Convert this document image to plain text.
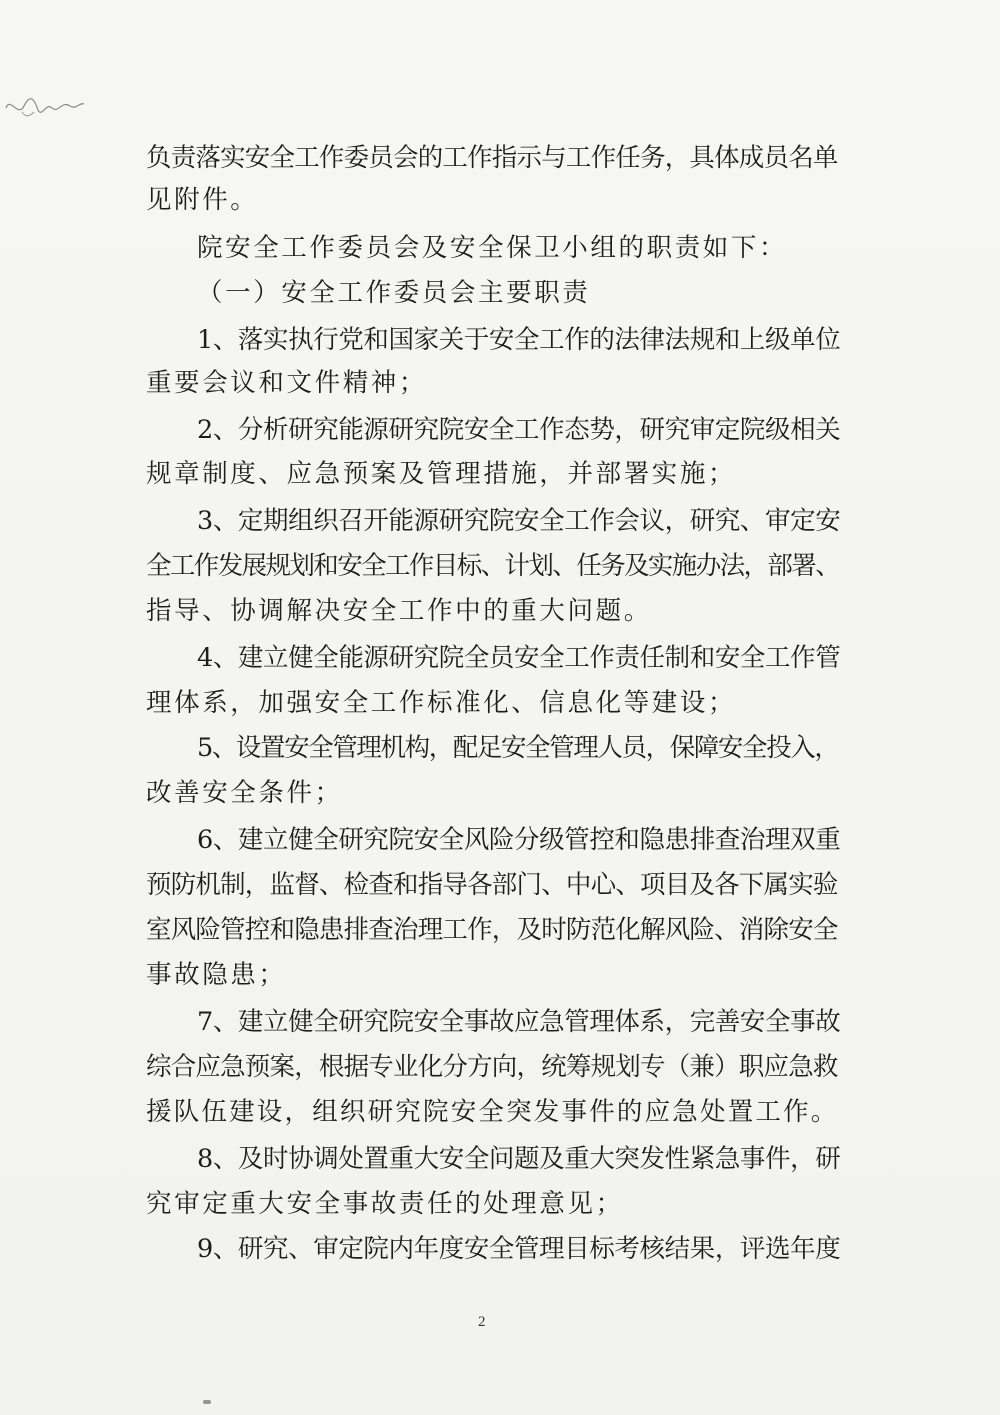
负责落实安全工作委员会的工作指示与工作任务，具体成员名单
见附件。
院安全工作委员会及安全保卫小组的职责如下：
（一）安全工作委员会主要职责
1、落实执行党和国家关于安全工作的法律法规和上级单位
重要会议和文件精神；
2、分析研究能源研究院安全工作态势，研究审定院级相关
规章制度、应急预案及管理措施，并部署实施；
3、定期组织召开能源研究院安全工作会议，研究、审定安
全工作发展规划和安全工作目标、计划、任务及实施办法，部署、
指导、协调解决安全工作中的重大问题。
4、建立健全能源研究院全员安全工作责任制和安全工作管
理体系，加强安全工作标准化、信息化等建设；
5、设置安全管理机构，配足安全管理人员，保障安全投入，
改善安全条件；
6、建立健全研究院安全风险分级管控和隐患排查治理双重
预防机制，监督、检查和指导各部门、中心、项目及各下属实验
室风险管控和隐患排查治理工作，及时防范化解风险、消除安全
事故隐患；
7、建立健全研究院安全事故应急管理体系，完善安全事故
综合应急预案，根据专业化分方向，统筹规划专（兼）职应急救
援队伍建设，组织研究院安全突发事件的应急处置工作。
8、及时协调处置重大安全问题及重大突发性紧急事件，研
究审定重大安全事故责任的处理意见；
9、研究、审定院内年度安全管理目标考核结果，评选年度
2
